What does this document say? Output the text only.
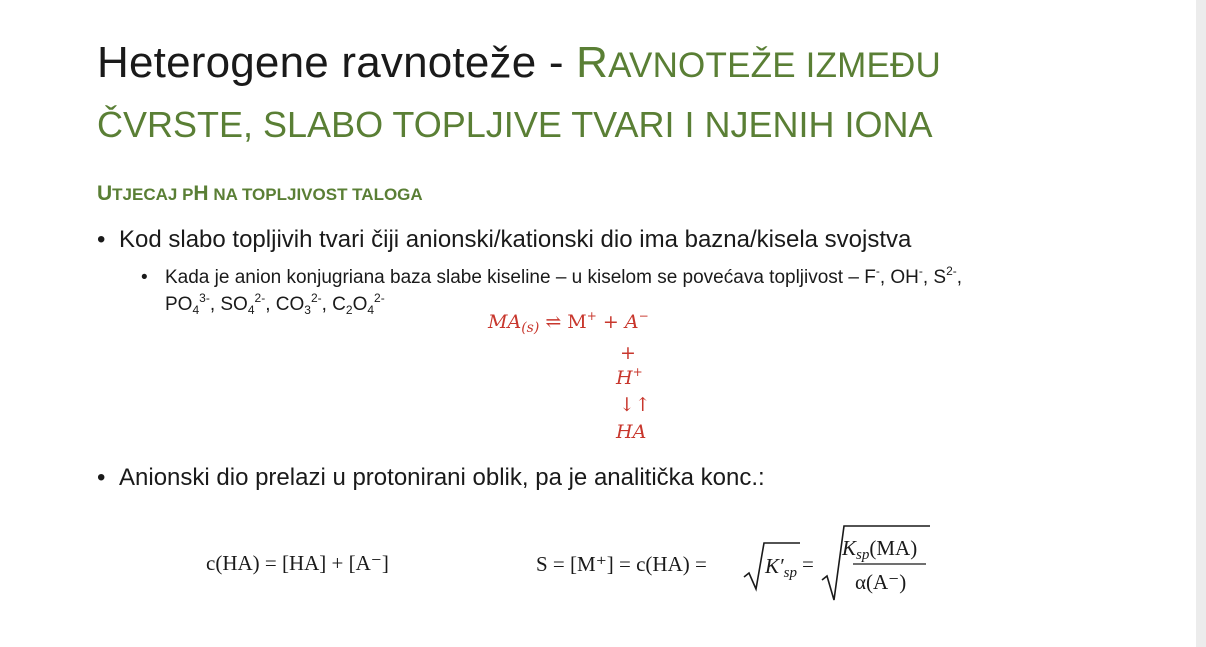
Heterogene ravnoteže - RAVNOTEŽE IZMEĐU
ČVRSTE, SLABO TOPLJIVE TVARI I NJENIH IONA
UTJECAJ PH NA TOPLJIVOST TALOGA
• Kod slabo topljivih tvari čiji anionski/kationski dio ima bazna/kisela svojstva
• Kada je anion konjugriana baza slabe kiseline – u kiselom se povećava topljivost – F-, OH-, $S^{2-}$,
$PO_4^{3-}$, $SO_4^{2-}$, $CO_3^{2-}$, $C_2O_4^{2-}$
$MA_{(s)}$ ⇌ M+ + A−
+
H+
↓↑
HA
• Anionski dio prelazi u protonirani oblik, pa je analitička konc.:
c(HA) = [HA] + [A⁻]	S = [M⁺] = c(HA) =	$K'_{sp}$ =
$K_{sp}(MA)$
α(A⁻)
